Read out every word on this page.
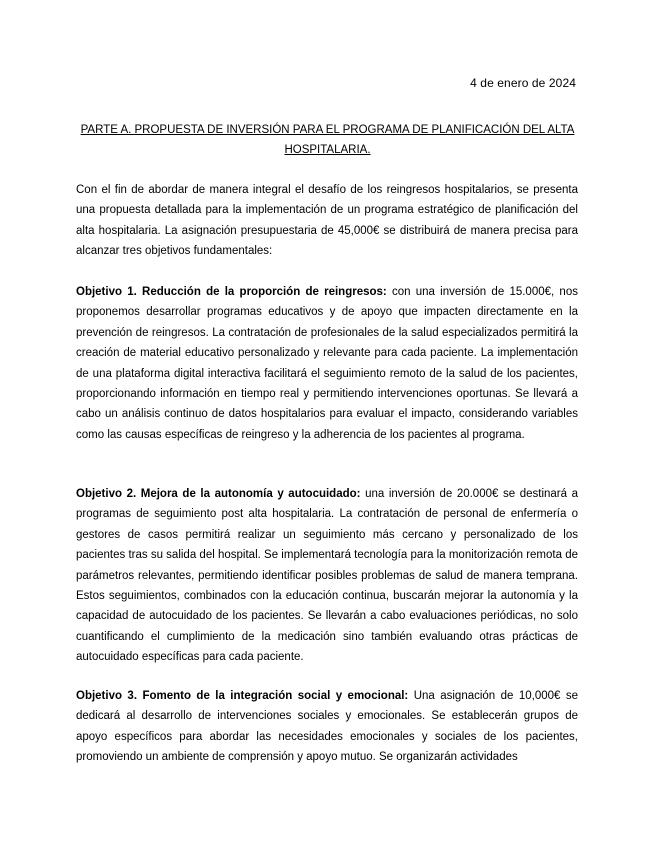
4 de enero de 2024
PARTE A. PROPUESTA DE INVERSIÓN PARA EL PROGRAMA DE PLANIFICACIÓN DEL ALTA HOSPITALARIA.
Con el fin de abordar de manera integral el desafío de los reingresos hospitalarios, se presenta una propuesta detallada para la implementación de un programa estratégico de planificación del alta hospitalaria. La asignación presupuestaria de 45,000€ se distribuirá de manera precisa para alcanzar tres objetivos fundamentales:
Objetivo 1. Reducción de la proporción de reingresos: con una inversión de 15.000€, nos proponemos desarrollar programas educativos y de apoyo que impacten directamente en la prevención de reingresos. La contratación de profesionales de la salud especializados permitirá la creación de material educativo personalizado y relevante para cada paciente. La implementación de una plataforma digital interactiva facilitará el seguimiento remoto de la salud de los pacientes, proporcionando información en tiempo real y permitiendo intervenciones oportunas. Se llevará a cabo un análisis continuo de datos hospitalarios para evaluar el impacto, considerando variables como las causas específicas de reingreso y la adherencia de los pacientes al programa.
Objetivo 2. Mejora de la autonomía y autocuidado: una inversión de 20.000€ se destinará a programas de seguimiento post alta hospitalaria. La contratación de personal de enfermería o gestores de casos permitirá realizar un seguimiento más cercano y personalizado de los pacientes tras su salida del hospital. Se implementará tecnología para la monitorización remota de parámetros relevantes, permitiendo identificar posibles problemas de salud de manera temprana. Estos seguimientos, combinados con la educación continua, buscarán mejorar la autonomía y la capacidad de autocuidado de los pacientes. Se llevarán a cabo evaluaciones periódicas, no solo cuantificando el cumplimiento de la medicación sino también evaluando otras prácticas de autocuidado específicas para cada paciente.
Objetivo 3. Fomento de la integración social y emocional: Una asignación de 10,000€ se dedicará al desarrollo de intervenciones sociales y emocionales. Se establecerán grupos de apoyo específicos para abordar las necesidades emocionales y sociales de los pacientes, promoviendo un ambiente de comprensión y apoyo mutuo. Se organizarán actividades
